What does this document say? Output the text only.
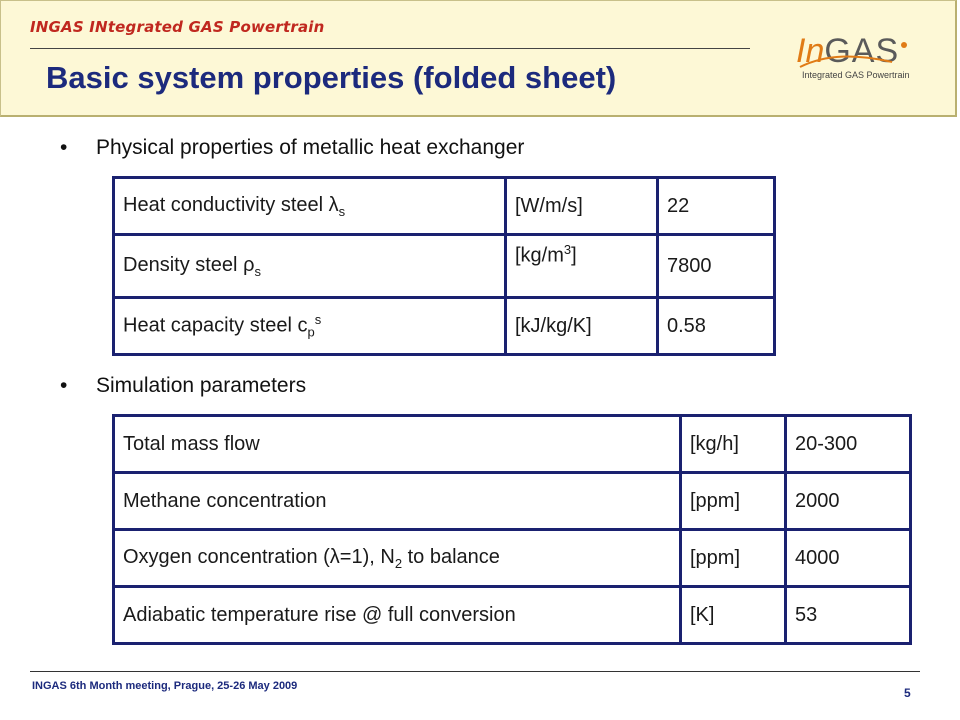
INGAS INtegrated GAS Powertrain
Basic system properties (folded sheet)
InGAS
Integrated GAS Powertrain
• Physical properties of metallic heat exchanger
Heat conductivity steel $\lambda_s$	[W/m/s]	22
Density steel $\rho_s$	$[kg/m^3]$	7800
Heat capacity steel $c_p^s$	[kJ/kg/K]	0.58
• Simulation parameters
Total mass flow	[kg/h]	20-300
Methane concentration	[ppm]	2000
Oxygen concentration (λ=1), $N_2$ to balance	[ppm]	4000
Adiabatic temperature rise @ full conversion	[K]	53
INGAS 6th Month meeting, Prague, 25-26 May 2009	5
